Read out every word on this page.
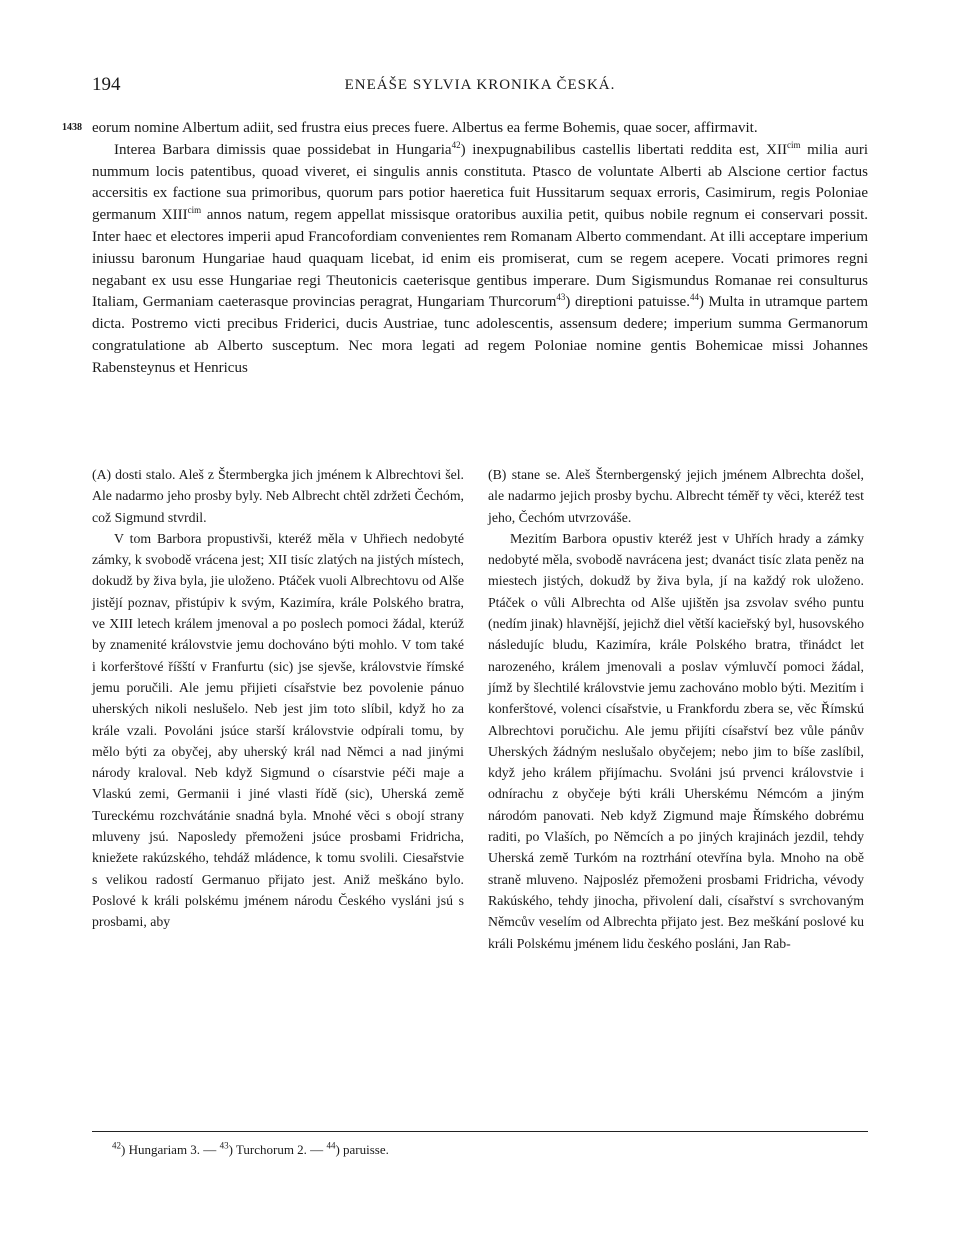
194	ENEÁŠE SYLVIA KRONIKA ČESKÁ.
1438 eorum nomine Albertum adiit, sed frustra eius preces fuere. Albertus ea ferme Bohemis, quae socer, affirmavit.

Interea Barbara dimissis quae possidebat in Hungaria$^{42}$) inexpugnabilibus castellis libertati reddita est, $XII^{cim}$ milia auri nummum locis patentibus, quoad viveret, ei singulis annis constituta. Ptasco de voluntate Alberti ab Alscione certior factus accersitis ex factione sua primoribus, quorum pars potior haeretica fuit Hussitarum sequax erroris, Casimirum, regis Poloniae germanum $XIII^{cim}$ annos natum, regem appellat missisque oratoribus auxilia petit, quibus nobile regnum ei conservari possit. Inter haec et electores imperii apud Francofordiam convenientes rem Romanam Alberto commendant. At illi acceptare imperium iniussu baronum Hungariae haud quaquam licebat, id enim eis promiserat, cum se regem acepere. Vocati primores regni negabant ex usu esse Hungariae regi Theutonicis caeterisque gentibus imperare. Dum Sigismundus Romanae rei consulturus Italiam, Germaniam caeterasque provincias peragrat, Hungariam Thurcorum$^{43}$) direptioni patuisse.$^{44}$) Multa in utramque partem dicta. Postremo victi precibus Friderici, ducis Austriae, tunc adolescentis, assensum dedere; imperium summa Germanorum congratulatione ab Alberto susceptum. Nec mora legati ad regem Poloniae nomine gentis Bohemicae missi Johannes Rabensteynus et Henricus

(A) dosti stalo. Aleš z Štermbergka jich jménem k Albrechtovi šel. Ale nadarmo jeho prosby byly. Neb Albrecht chtěl zdržeti Čechóm, což Sigmund stvrdil.

V tom Barbora propustivši, kteréž měla v Uhřiech nedobyté zámky, k svobodě vrácena jest; XII tisíc zlatých na jistých místech, dokudž by živa byla, jie uloženo. Ptáček vuoli Albrechtovu od Alše jistějí poznav, přistúpiv k svým, Kazimíra, krále Polského bratra, ve XIII letech králem jmenoval a po poslech pomoci žádal, kterúž by znamenité královstvie jemu dochováno býti mohlo. V tom také i korferštové říšští v Franfurtu (sic) jse sjevše, královstvie římské jemu poručili. Ale jemu přijieti císařstvie bez povolenie pánuo uherských nikoli neslušelo. Neb jest jim toto slíbil, když ho za krále vzali. Povoláni jsúce starší královstvie odpírali tomu, by mělo býti za obyčej, aby uherský král nad Němci a nad jinými národy kraloval. Neb když Sigmund o císarstvie péči maje a Vlaskú zemi, Germanii i jiné vlasti řídě (sic), Uherská země Tureckému rozchvátánie snadná byla. Mnohé věci s obojí strany mluveny jsú. Naposledy přemoženi jsúce prosbami Fridricha, kniežete rakúzského, tehdáž mládence, k tomu svolili. Ciesařstvie s velikou radostí Germanuo přijato jest. Aniž meškáno bylo. Poslové k králi polskému jménem národu Českého vysláni jsú s prosbami, aby

(B) stane se. Aleš Šternbergenský jejich jménem Albrechta došel, ale nadarmo jejich prosby bychu. Albrecht téměř ty věci, kteréž test jeho, Čechóm utvrzováše.

Mezitím Barbora opustiv kteréž jest v Uhřích hrady a zámky nedobyté měla, svobodě navrácena jest; dvanáct tisíc zlata peněz na miestech jistých, dokudž by živa byla, jí na každý rok uloženo. Ptáček o vůli Albrechta od Alše ujištěn jsa zsvolav svého puntu (nedím jinak) hlavnější, jejichž diel větší kacieřský byl, husovského následujíc bludu, Kazimíra, krále Polského bratra, třinádct let narozeného, králem jmenovali a poslav výmluvčí pomoci žádal, jímž by šlechtilé královstvie jemu zachováno moblo býti. Mezitím i konferštové, volenci císařstvie, u Frankfordu zbera se, věc Římskú Albrechtovi poručichu. Ale jemu přijíti císařství bez vůle pánův Uherských žádným neslušalo obyčejem; nebo jim to bíše zaslíbil, když jeho králem přijímachu. Svoláni jsú prvenci královstvie i odnírachu z obyčeje býti králi Uherskému Némcóm a jiným národóm panovati. Neb když Zigmund maje Římského dobrému raditi, po Vlaších, po Němcích a po jiných krajinách jezdil, tehdy Uherská země Turkóm na roztrhání otevřína byla. Mnoho na obě straně mluveno. Najposléz přemoženi prosbami Fridricha, vévody Rakúského, tehdy jinocha, přivolení dali, císařství s svrchovaným Němcův veselím od Albrechta přijato jest. Bez meškání poslové ku králi Polskému jménem lidu českého posláni, Jan Rab-

$^{42}$) Hungariam 3. — $^{43}$) Turchorum 2. — $^{44}$) paruisse.
